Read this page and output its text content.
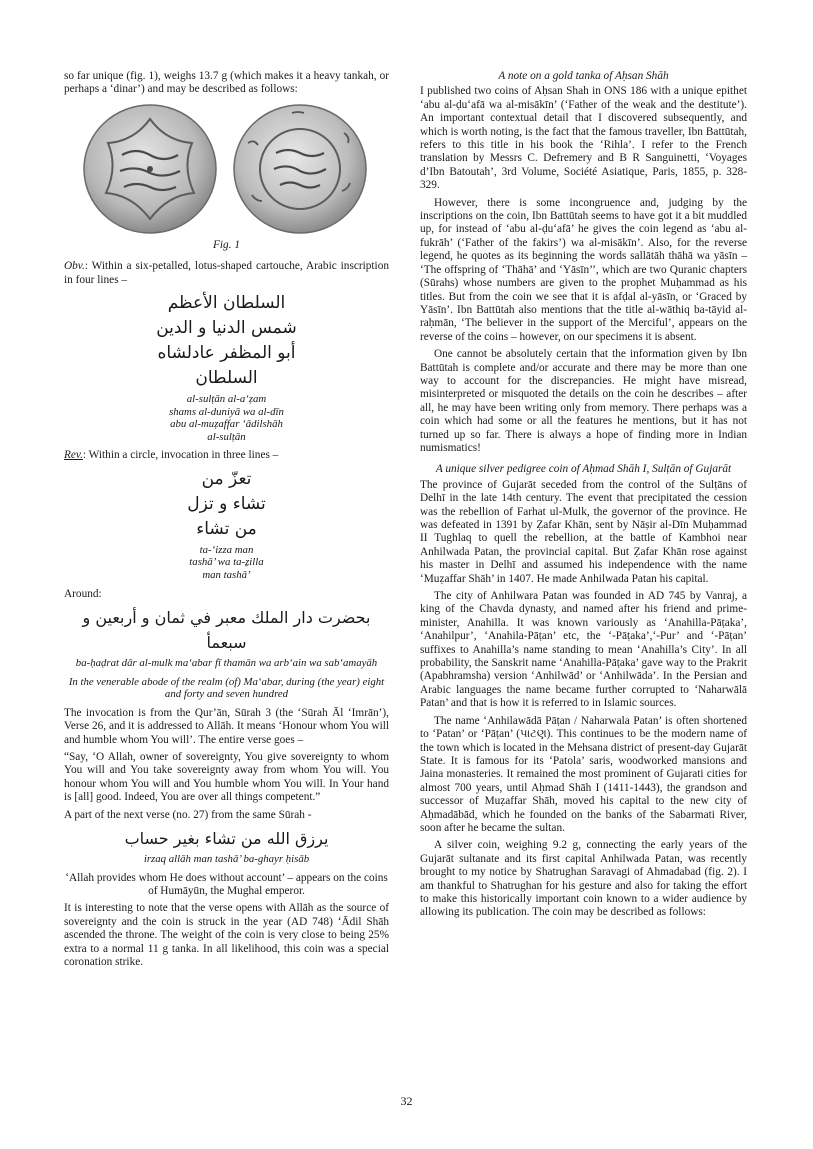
so far unique (fig. 1), weighs 13.7 g (which makes it a heavy tankah, or perhaps a ‘dinar’) and may be described as follows:

Fig. 1

Obv.: Within a six-petalled, lotus-shaped cartouche, Arabic inscription in four lines –

السلطان الأعظم
شمس الدنيا و الدين
أبو المظفر عادلشاه
السلطان
al-sulṭān al-a‘ẓam
shams al-duniyā wa al-dīn
abu al-muẓaffar ‘ādilshāh
al-sulṭān

Rev.: Within a circle, invocation in three lines –

تعزّ من
تشاء و تزل
من تشاء
ta-‘izza man
tashā’ wa ta-ẕilla
man tashā’

Around:

بحضرت دار الملك معبر في ثمان و أربعين و سبعمأ

ba-ḥaḍrat dār al-mulk ma‘abar fī thamān wa arb‘ain wa sab‘amayāh

In the venerable abode of the realm (of) Ma‘abar, during (the year) eight and forty and seven hundred

The invocation is from the Qur’ān, Sūrah 3 (the ‘Sūrah Āl ‘Imrān’), Verse 26, and it is addressed to Allāh. It means ‘Honour whom You will and humble whom You will’. The entire verse goes –

“Say, ‘O Allah, owner of sovereignty, You give sovereignty to whom You will and You take sovereignty away from whom You will. You honour whom You will and You humble whom You will. In Your hand is [all] good. Indeed, You are over all things competent.”

A part of the next verse (no. 27) from the same Sūrah -

يرزق الله من تشاء بغير حساب

irzaq allāh man tashā’ ba-ghayr ḥisāb

‘Allah provides whom He does without account’ – appears on the coins of Humāyūn, the Mughal emperor.

It is interesting to note that the verse opens with Allāh as the source of sovereignty and the coin is struck in the year (AD 748) ‘Ādil Shāh ascended the throne. The weight of the coin is very close to being 25% extra to a normal 11 g tanka. In all likelihood, this coin was a special coronation strike.

A note on a gold tanka of Aḥsan Shāh

I published two coins of Aḥsan Shah in ONS 186 with a unique epithet ‘abu al-ḍu‘afā wa al-misākīn’ (‘Father of the weak and the destitute’). An important contextual detail that I discovered subsequently, and which is worth noting, is the fact that the famous traveller, Ibn Battūtah, refers to this title in his book the ‘Rihla’. I refer to the French translation by Messrs C. Defremery and B R Sanguinetti, ‘Voyages d’Ibn Batoutah’, 3rd Volume, Société Asiatique, Paris, 1855, p. 328-329.

However, there is some incongruence and, judging by the inscriptions on the coin, Ibn Battūtah seems to have got it a bit muddled up, for instead of ‘abu al-ḍu‘afā’ he gives the coin legend as ‘abu al-fukrāh’ (‘Father of the fakirs’) wa al-misākīn’. Also, for the reverse legend, he quotes as its beginning the words sallātāh thāhā wa yāsīn – ‘The offspring of ‘Thāhā’ and ‘Yāsīn’’, which are two Quranic chapters (Sūrahs) whose numbers are given to the prophet Muḥammad as his titles. But from the coin we see that it is afḍal al-yāsīn, or ‘Graced by Yāsīn’. Ibn Battūtah also mentions that the title al-wāthiq ba-tāyid al-raḥmān, ‘The believer in the support of the Merciful’, appears on the reverse of the coins – however, on our specimens it is absent.

One cannot be absolutely certain that the information given by Ibn Battūtah is complete and/or accurate and there may be more than one way to account for the discrepancies. He might have misread, misinterpreted or misquoted the details on the coin he describes – after all, he may have been writing only from memory. There perhaps was a coin which had some or all the features he mentions, but it has not turned up so far. There is always a hope of finding more in Indian numismatics!

A unique silver pedigree coin of Aḥmad Shāh I, Sulṭān of Gujarāt

The province of Gujarāt seceded from the control of the Sulṭāns of Delhī in the late 14th century. The event that precipitated the cession was the rebellion of Farhat ul-Mulk, the governor of the province. He was defeated in 1391 by Ẓafar Khān, sent by Nāṣir al-Dīn Muḥammad II Tughlaq to quell the rebellion, at the battle of Kambhoi near Anhilwada Patan, the provincial capital. But Ẓafar Khān rose against his master in Delhī and assumed his independence with the name ‘Muẓaffar Shāh’ in 1407. He made Anhilwada Patan his capital.

The city of Anhilwara Patan was founded in AD 745 by Vanraj, a king of the Chavda dynasty, and named after his friend and prime-minister, Anahilla. It was known variously as ‘Anahilla-Pāṭaka’, ‘Anahilpur’, ‘Anahila-Pāṭan’ etc, the ‘-Pāṭaka’,‘-Pur’ and ‘-Pāṭan’ suffixes to Anahilla’s name standing to mean ‘Anahilla’s City’. In all probability, the Sanskrit name ‘Anahilla-Pāṭaka’ gave way to the Prakrit (Apabhramsha) version ‘Anhilwād’ or ‘Anhilwāda’. In the Persian and Arabic languages the name became further corrupted to ‘Naharwālā Patan’ and that is how it is referred to in Islamic sources.

The name ‘Anhilawādā Pāṭan / Naharwala Patan’ is often shortened to ‘Patan’ or ‘Pāṭan’ (પાટણ). This continues to be the modern name of the town which is located in the Mehsana district of present-day Gujarāt State. It is famous for its ‘Patola’ saris, woodworked mansions and Jaina monasteries. It remained the most prominent of Gujarati cities for almost 700 years, until Aḥmad Shāh I (1411-1443), the grandson and successor of Muẓaffar Shāh, moved his capital to the new city of Aḥmadābād, which he founded on the banks of the Sabarmati River, soon after he became the sultan.

A silver coin, weighing 9.2 g, connecting the early years of the Gujarāt sultanate and its first capital Anhilwada Patan, was recently brought to my notice by Shatrughan Saravagi of Ahmadabad (fig. 2). I am thankful to Shatrughan for his gesture and also for taking the effort to make this historically important coin known to a wider audience by allowing its publication. The coin may be described as follows:

32
